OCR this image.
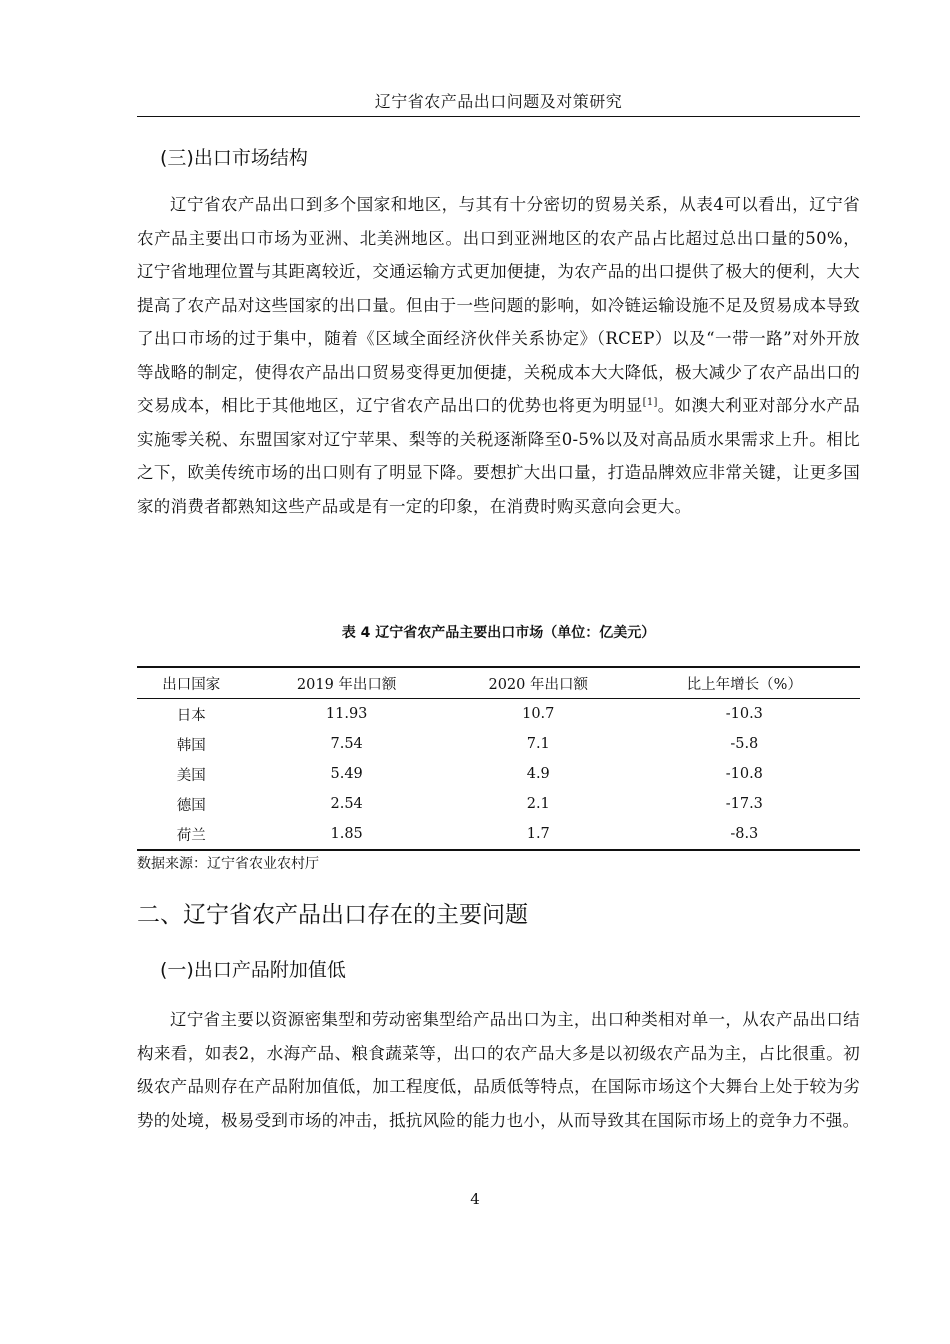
辽宁省农产品出口问题及对策研究
(三)出口市场结构

辽宁省农产品出口到多个国家和地区，与其有十分密切的贸易关系，从表4可以看出，辽宁省农产品主要出口市场为亚洲、北美洲地区。出口到亚洲地区的农产品占比超过总出口量的50%，辽宁省地理位置与其距离较近，交通运输方式更加便捷，为农产品的出口提供了极大的便利，大大提高了农产品对这些国家的出口量。但由于一些问题的影响，如冷链运输设施不足及贸易成本导致了出口市场的过于集中，随着《区域全面经济伙伴关系协定》（RCEP）以及“一带一路”对外开放等战略的制定，使得农产品出口贸易变得更加便捷，关税成本大大降低，极大减少了农产品出口的交易成本，相比于其他地区，辽宁省农产品出口的优势也将更为明显[1]。如澳大利亚对部分水产品实施零关税、东盟国家对辽宁苹果、梨等的关税逐渐降至0-5%以及对高品质水果需求上升。相比之下，欧美传统市场的出口则有了明显下降。要想扩大出口量，打造品牌效应非常关键，让更多国家的消费者都熟知这些产品或是有一定的印象，在消费时购买意向会更大。

表 4 辽宁省农产品主要出口市场（单位：亿美元）

出口国家	2019 年出口额	2020 年出口额	比上年增长（%）
日本	11.93	10.7	-10.3
韩国	7.54	7.1	-5.8
美国	5.49	4.9	-10.8
德国	2.54	2.1	-17.3
荷兰	1.85	1.7	-8.3

数据来源：辽宁省农业农村厅

二、辽宁省农产品出口存在的主要问题
(一)出口产品附加值低

辽宁省主要以资源密集型和劳动密集型给产品出口为主，出口种类相对单一，从农产品出口结构来看，如表2，水海产品、粮食蔬菜等，出口的农产品大多是以初级农产品为主，占比很重。初级农产品则存在产品附加值低，加工程度低，品质低等特点，在国际市场这个大舞台上处于较为劣势的处境，极易受到市场的冲击，抵抗风险的能力也小，从而导致其在国际市场上的竞争力不强。

4
